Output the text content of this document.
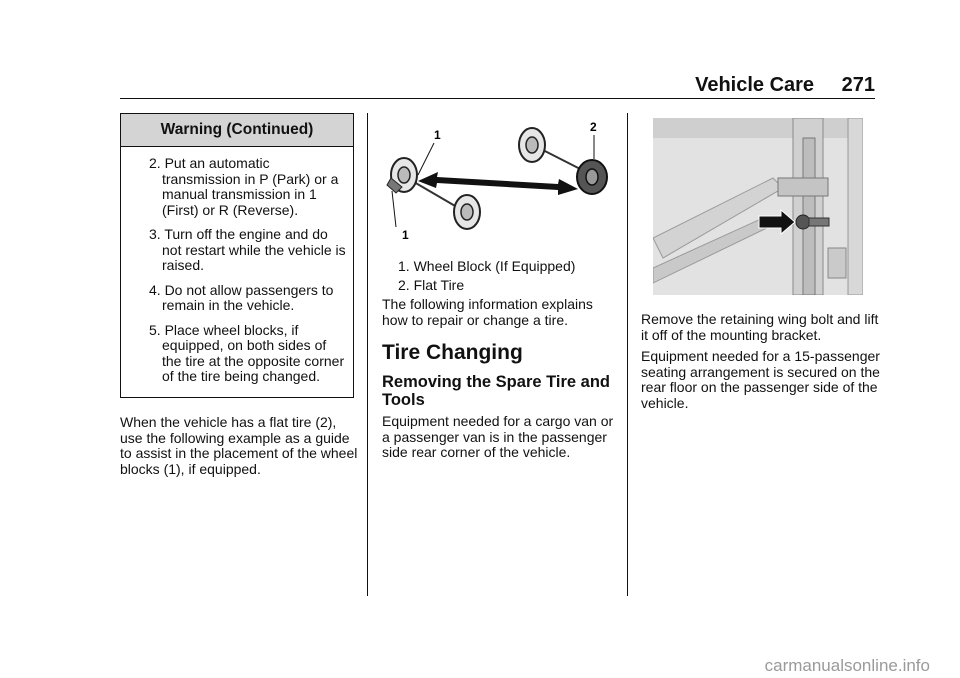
Vehicle Care 271
Warning (Continued)
2. Put an automatic transmission in P (Park) or a manual transmission in 1 (First) or R (Reverse).
3. Turn off the engine and do not restart while the vehicle is raised.
4. Do not allow passengers to remain in the vehicle.
5. Place wheel blocks, if equipped, on both sides of the tire at the opposite corner of the tire being changed.
When the vehicle has a flat tire (2), use the following example as a guide to assist in the placement of the wheel blocks (1), if equipped.
1
2
1
1. Wheel Block (If Equipped)
2. Flat Tire
The following information explains how to repair or change a tire.
Tire Changing
Removing the Spare Tire and Tools
Equipment needed for a cargo van or a passenger van is in the passenger side rear corner of the vehicle.
Remove the retaining wing bolt and lift it off of the mounting bracket.
Equipment needed for a 15-passenger seating arrangement is secured on the rear floor on the passenger side of the vehicle.
carmanualsonline.info
